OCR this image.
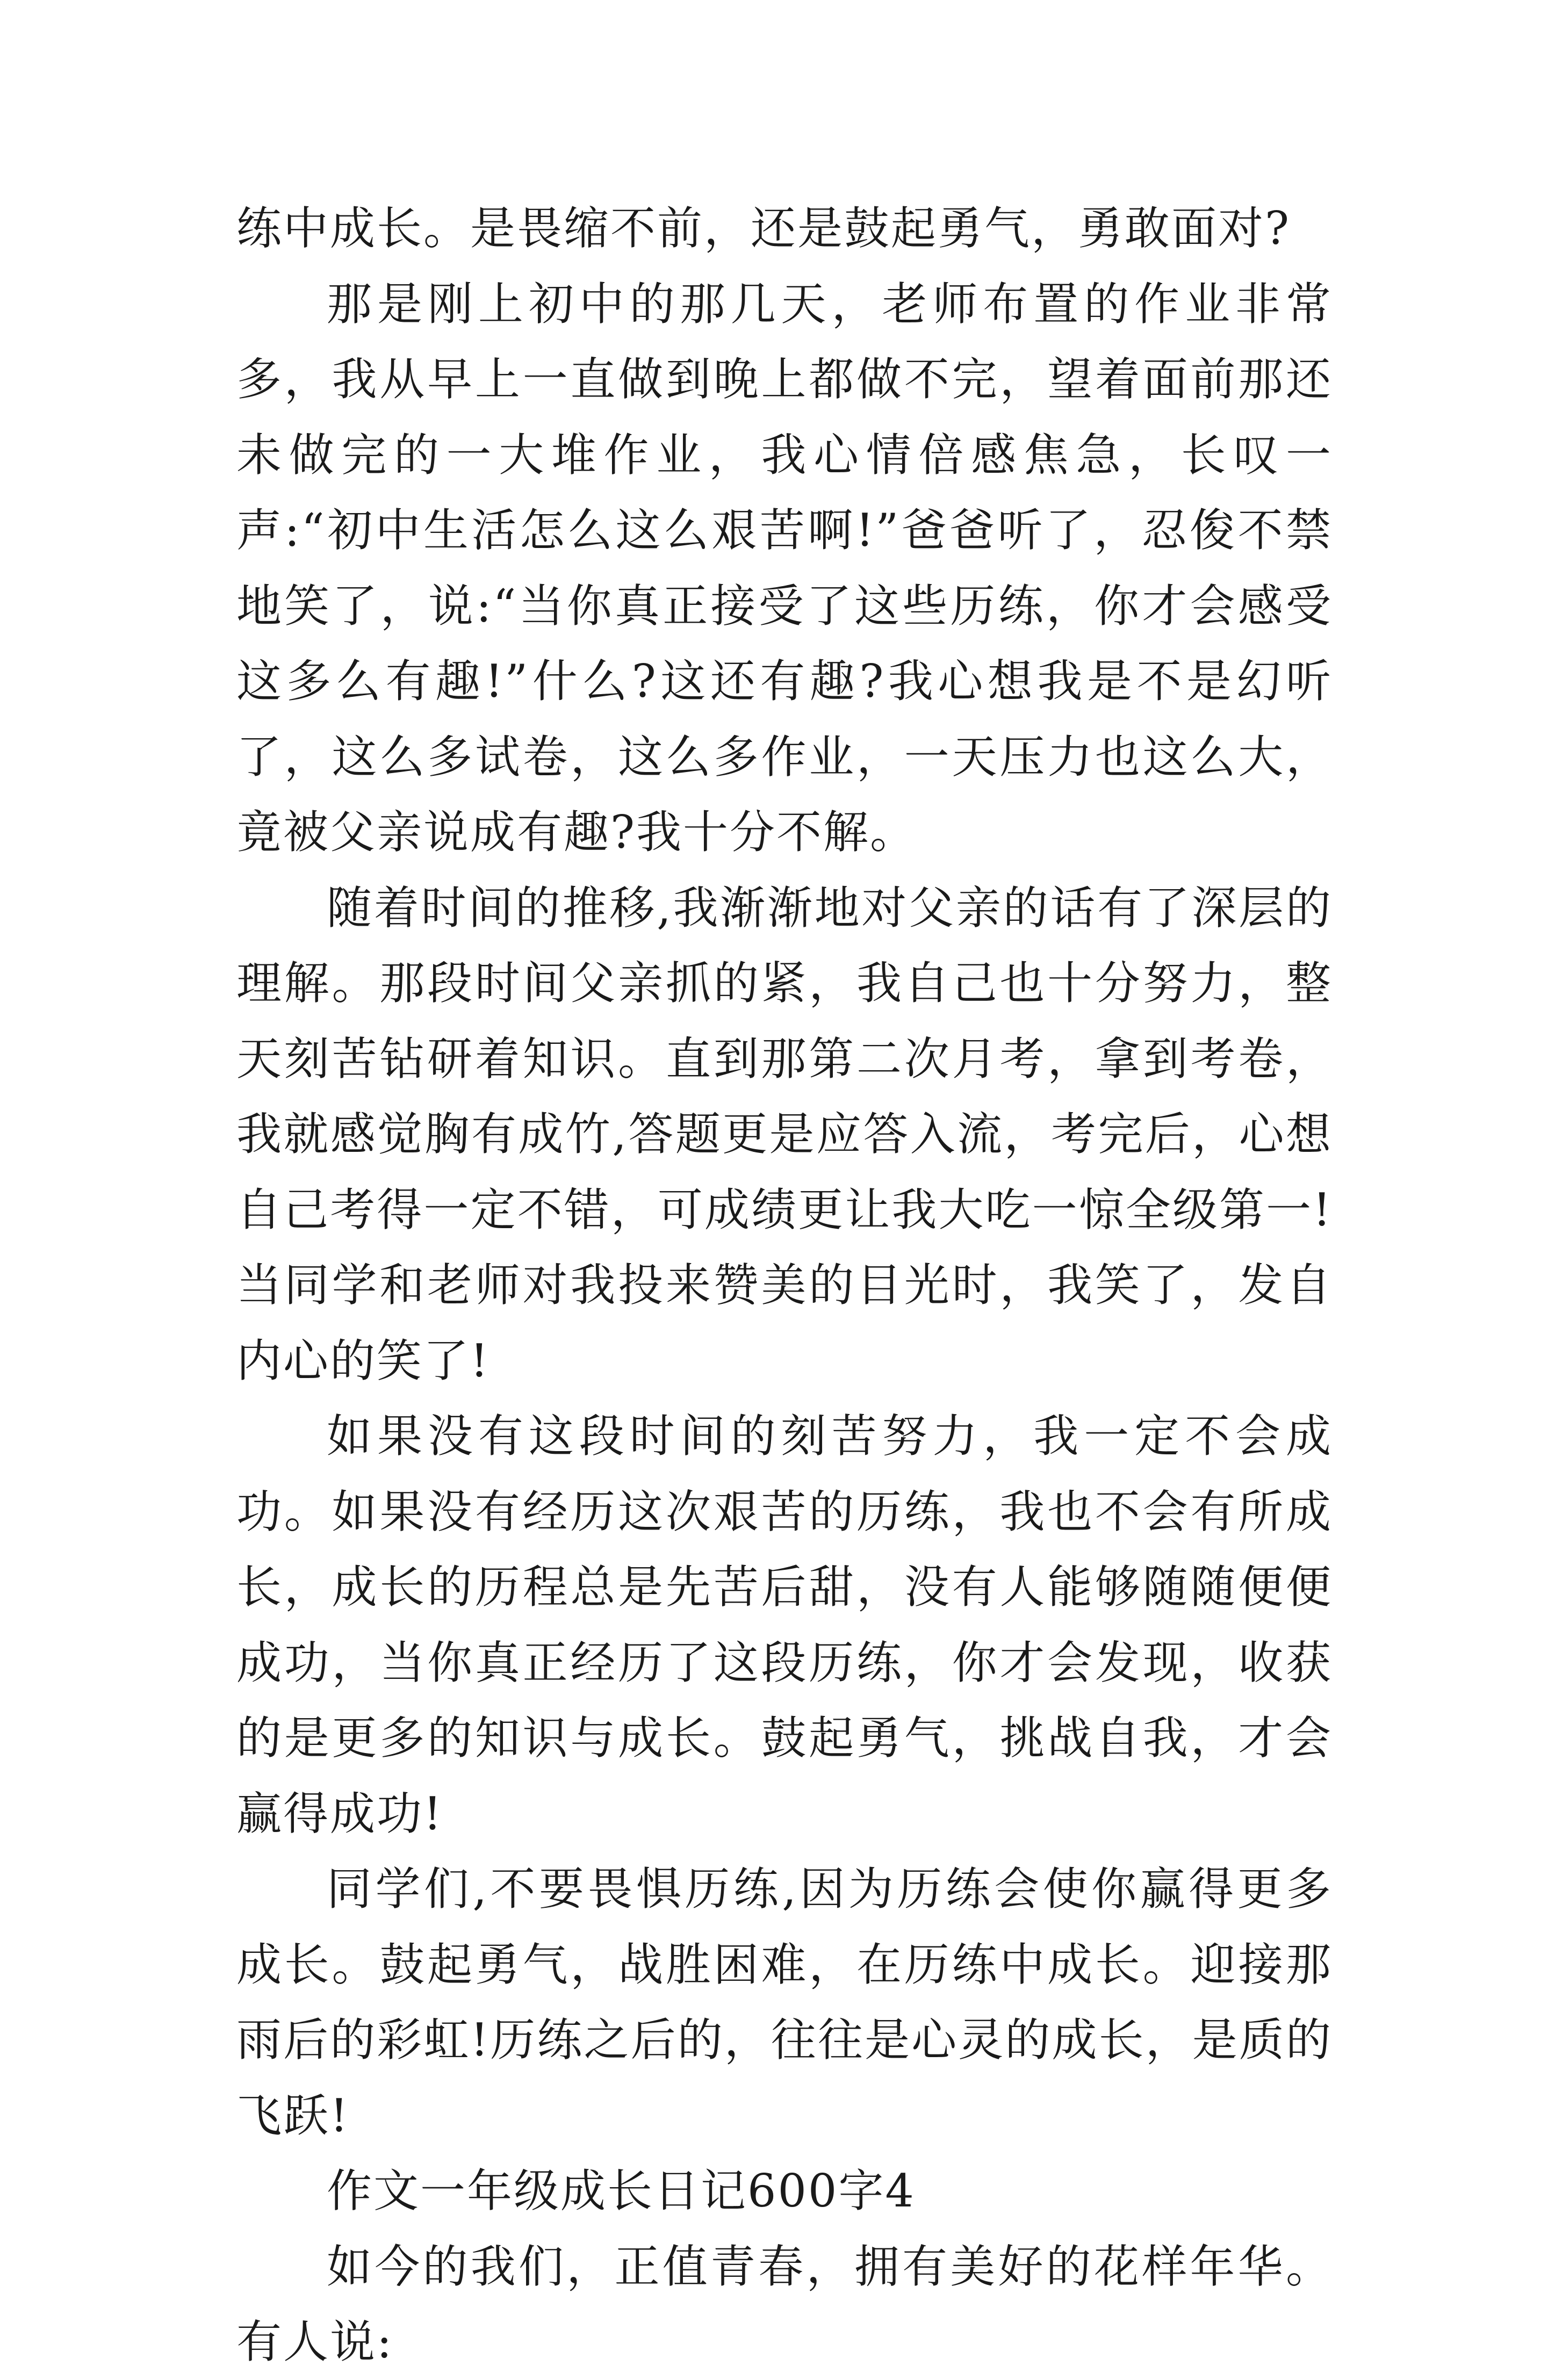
练中成长。是畏缩不前，还是鼓起勇气，勇敢面对?

那是刚上初中的那几天，老师布置的作业非常多，我从早上一直做到晚上都做不完，望着面前那还未做完的一大堆作业，我心情倍感焦急，长叹一声:“初中生活怎么这么艰苦啊!”爸爸听了，忍俊不禁地笑了，说:“当你真正接受了这些历练，你才会感受这多么有趣!”什么?这还有趣?我心想我是不是幻听了，这么多试卷，这么多作业，一天压力也这么大，竟被父亲说成有趣?我十分不解。

随着时间的推移,我渐渐地对父亲的话有了深层的理解。那段时间父亲抓的紧，我自己也十分努力，整天刻苦钻研着知识。直到那第二次月考，拿到考卷，我就感觉胸有成竹,答题更是应答入流，考完后，心想自己考得一定不错，可成绩更让我大吃一惊全级第一!当同学和老师对我投来赞美的目光时，我笑了，发自内心的笑了!

如果没有这段时间的刻苦努力，我一定不会成功。如果没有经历这次艰苦的历练，我也不会有所成长，成长的历程总是先苦后甜，没有人能够随随便便成功，当你真正经历了这段历练，你才会发现，收获的是更多的知识与成长。鼓起勇气，挑战自我，才会赢得成功!

同学们,不要畏惧历练,因为历练会使你赢得更多成长。鼓起勇气，战胜困难，在历练中成长。迎接那雨后的彩虹!历练之后的，往往是心灵的成长，是质的飞跃!

作文一年级成长日记600字4

如今的我们，正值青春，拥有美好的花样年华。有人说:
